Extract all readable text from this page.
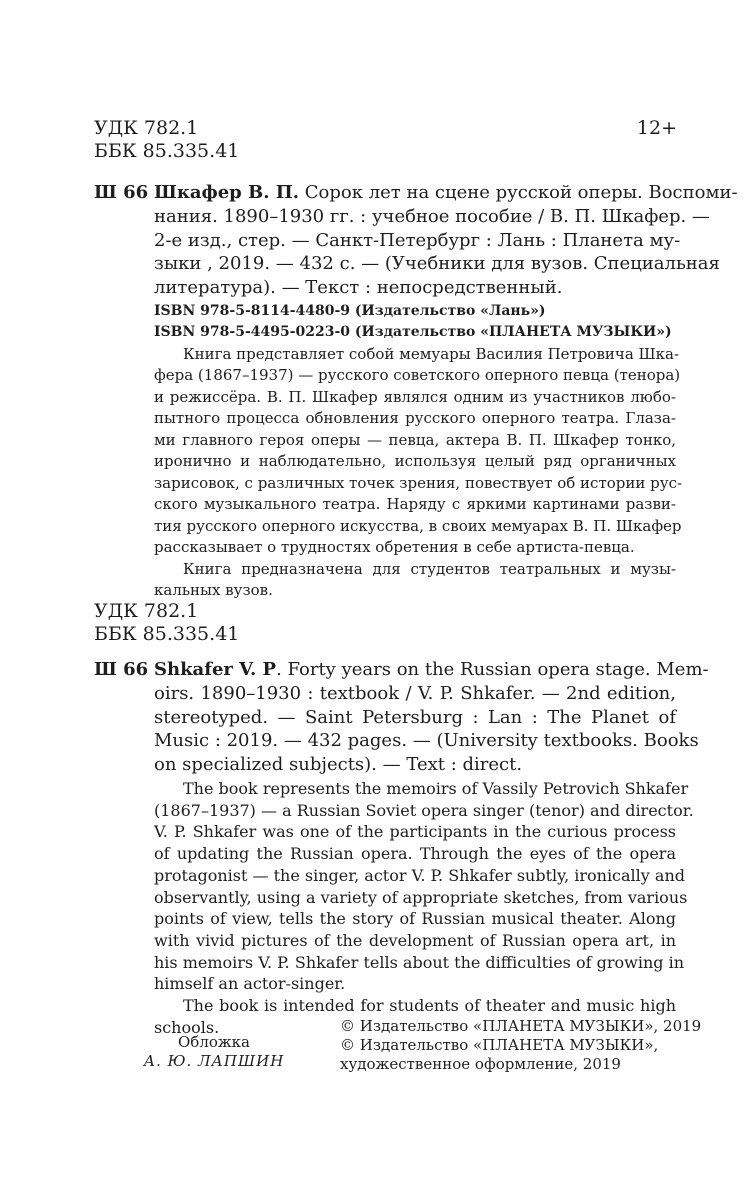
УДК 782.1	12+
ББК 85.335.41
Ш 66 Шкафер В. П. Сорок лет на сцене русской оперы. Воспоми-
нания. 1890–1930 гг. : учебное пособие / В. П. Шкафер. —
2-е изд., стер. — Санкт-Петербург : Лань : Планета му-
зыки , 2019. — 432 с. — (Учебники для вузов. Специальная
литература). — Текст : непосредственный.
ISBN 978-5-8114-4480-9 (Издательство «Лань»)
ISBN 978-5-4495-0223-0 (Издательство «ПЛАНЕТА МУЗЫКИ»)
Книга представляет собой мемуары Василия Петровича Шка-
фера (1867–1937) — русского советского оперного певца (тенора)
и режиссёра. В. П. Шкафер являлся одним из участников любо-
пытного процесса обновления русского оперного театра. Глаза-
ми главного героя оперы — певца, актера В. П. Шкафер тонко,
иронично и наблюдательно, используя целый ряд органичных
зарисовок, с различных точек зрения, повествует об истории рус-
ского музыкального театра. Наряду с яркими картинами разви-
тия русского оперного искусства, в своих мемуарах В. П. Шкафер
рассказывает о трудностях обретения в себе артиста-певца.
Книга предназначена для студентов театральных и музы-
кальных вузов.
УДК 782.1
ББК 85.335.41
Ш 66 Shkafer V. P. Forty years on the Russian opera stage. Mem-
oirs. 1890–1930 : textbook / V. P. Shkafer. — 2nd edition,
stereotyped. — Saint Petersburg : Lan : The Planet of
Music : 2019. — 432 pages. — (University textbooks. Books
on specialized subjects). — Text : direct.
The book represents the memoirs of Vassily Petrovich Shkafer
(1867–1937) — a Russian Soviet opera singer (tenor) and director.
V. P. Shkafer was one of the participants in the curious process
of updating the Russian opera. Through the eyes of the opera
protagonist — the singer, actor V. P. Shkafer subtly, ironically and
observantly, using a variety of appropriate sketches, from various
points of view, tells the story of Russian musical theater. Along
with vivid pictures of the development of Russian opera art, in
his memoirs V. P. Shkafer tells about the difficulties of growing in
himself an actor-singer.
The book is intended for students of theater and music high
schools.
Обложка
А. Ю. ЛАПШИН
© Издательство «ПЛАНЕТА МУЗЫКИ», 2019
© Издательство «ПЛАНЕТА МУЗЫКИ»,
художественное оформление, 2019
